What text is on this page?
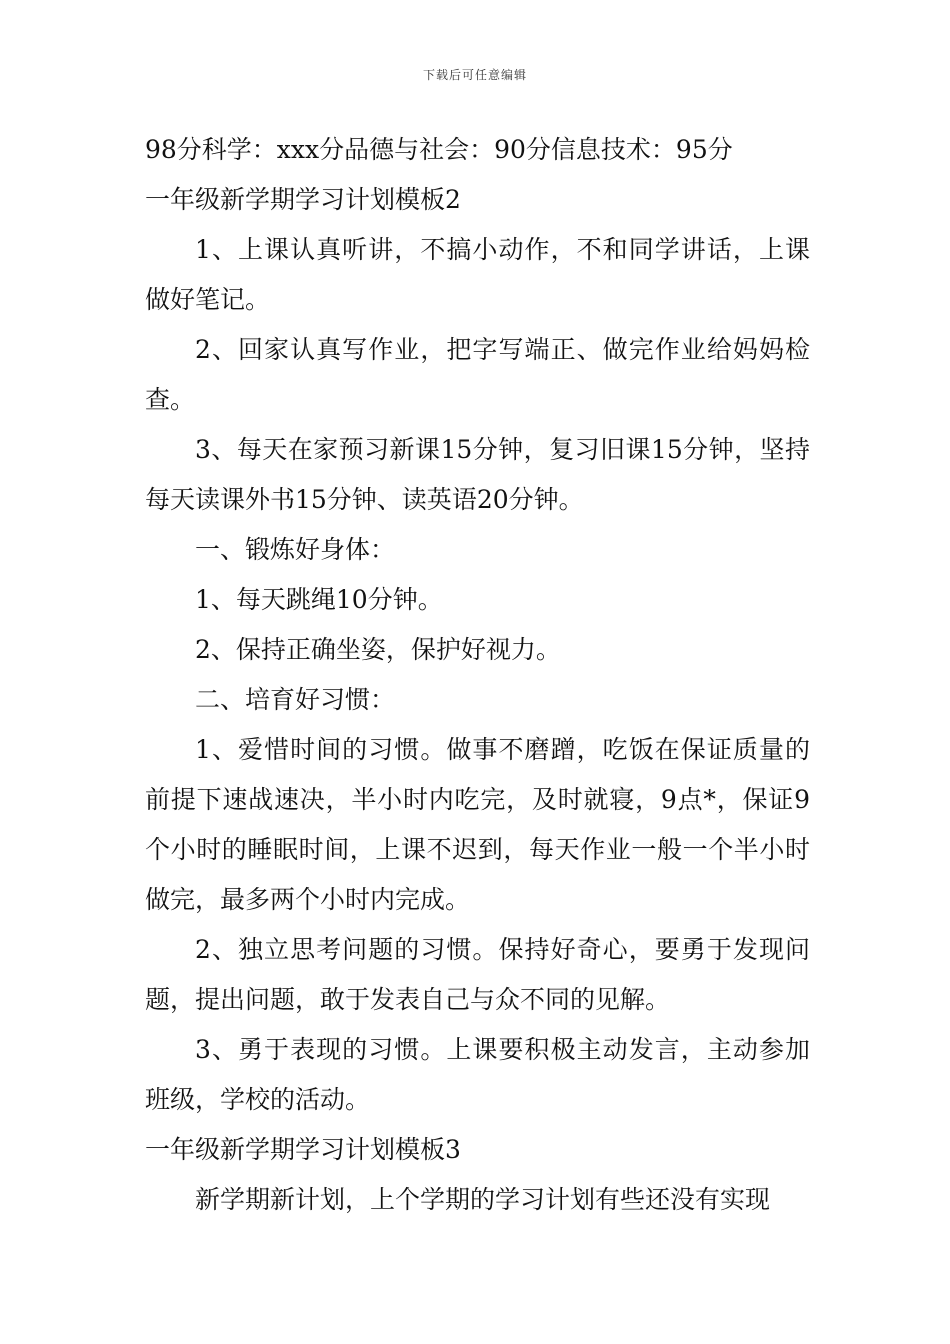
下载后可任意编辑
98分科学：xxx分品德与社会：90分信息技术：95分

一年级新学期学习计划模板2

1、上课认真听讲，不搞小动作，不和同学讲话，上课做好笔记。

2、回家认真写作业，把字写端正、做完作业给妈妈检查。

3、每天在家预习新课15分钟，复习旧课15分钟，坚持每天读课外书15分钟、读英语20分钟。

一、锻炼好身体：

1、每天跳绳10分钟。

2、保持正确坐姿，保护好视力。

二、培育好习惯：

1、爱惜时间的习惯。做事不磨蹭，吃饭在保证质量的前提下速战速决，半小时内吃完，及时就寝，9点*，保证9个小时的睡眠时间，上课不迟到，每天作业一般一个半小时做完，最多两个小时内完成。

2、独立思考问题的习惯。保持好奇心，要勇于发现问题，提出问题，敢于发表自己与众不同的见解。

3、勇于表现的习惯。上课要积极主动发言，主动参加班级，学校的活动。

一年级新学期学习计划模板3

新学期新计划，上个学期的学习计划有些还没有实现
